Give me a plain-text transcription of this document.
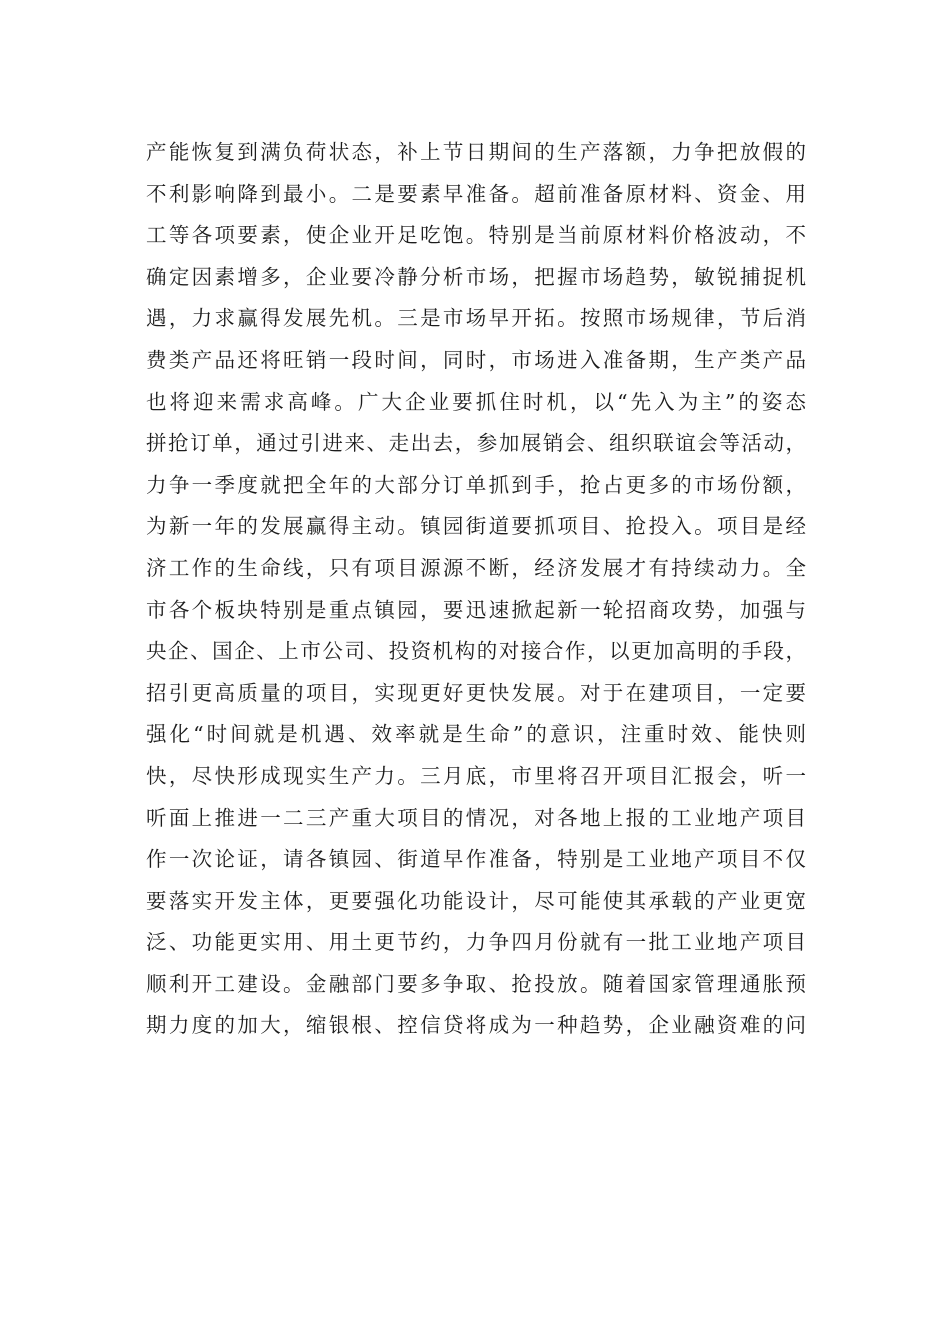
产能恢复到满负荷状态，补上节日期间的生产落额，力争把放假的
不利影响降到最小。二是要素早准备。超前准备原材料、资金、用
工等各项要素，使企业开足吃饱。特别是当前原材料价格波动，不
确定因素增多，企业要冷静分析市场，把握市场趋势，敏锐捕捉机
遇，力求赢得发展先机。三是市场早开拓。按照市场规律，节后消
费类产品还将旺销一段时间，同时，市场进入准备期，生产类产品
也将迎来需求高峰。广大企业要抓住时机，以“先入为主”的姿态
拼抢订单，通过引进来、走出去，参加展销会、组织联谊会等活动，
力争一季度就把全年的大部分订单抓到手，抢占更多的市场份额，
为新一年的发展赢得主动。镇园街道要抓项目、抢投入。项目是经
济工作的生命线，只有项目源源不断，经济发展才有持续动力。全
市各个板块特别是重点镇园，要迅速掀起新一轮招商攻势，加强与
央企、国企、上市公司、投资机构的对接合作，以更加高明的手段，
招引更高质量的项目，实现更好更快发展。对于在建项目，一定要
强化“时间就是机遇、效率就是生命”的意识，注重时效、能快则
快，尽快形成现实生产力。三月底，市里将召开项目汇报会，听一
听面上推进一二三产重大项目的情况，对各地上报的工业地产项目
作一次论证，请各镇园、街道早作准备，特别是工业地产项目不仅
要落实开发主体，更要强化功能设计，尽可能使其承载的产业更宽
泛、功能更实用、用土更节约，力争四月份就有一批工业地产项目
顺利开工建设。金融部门要多争取、抢投放。随着国家管理通胀预
期力度的加大，缩银根、控信贷将成为一种趋势，企业融资难的问
